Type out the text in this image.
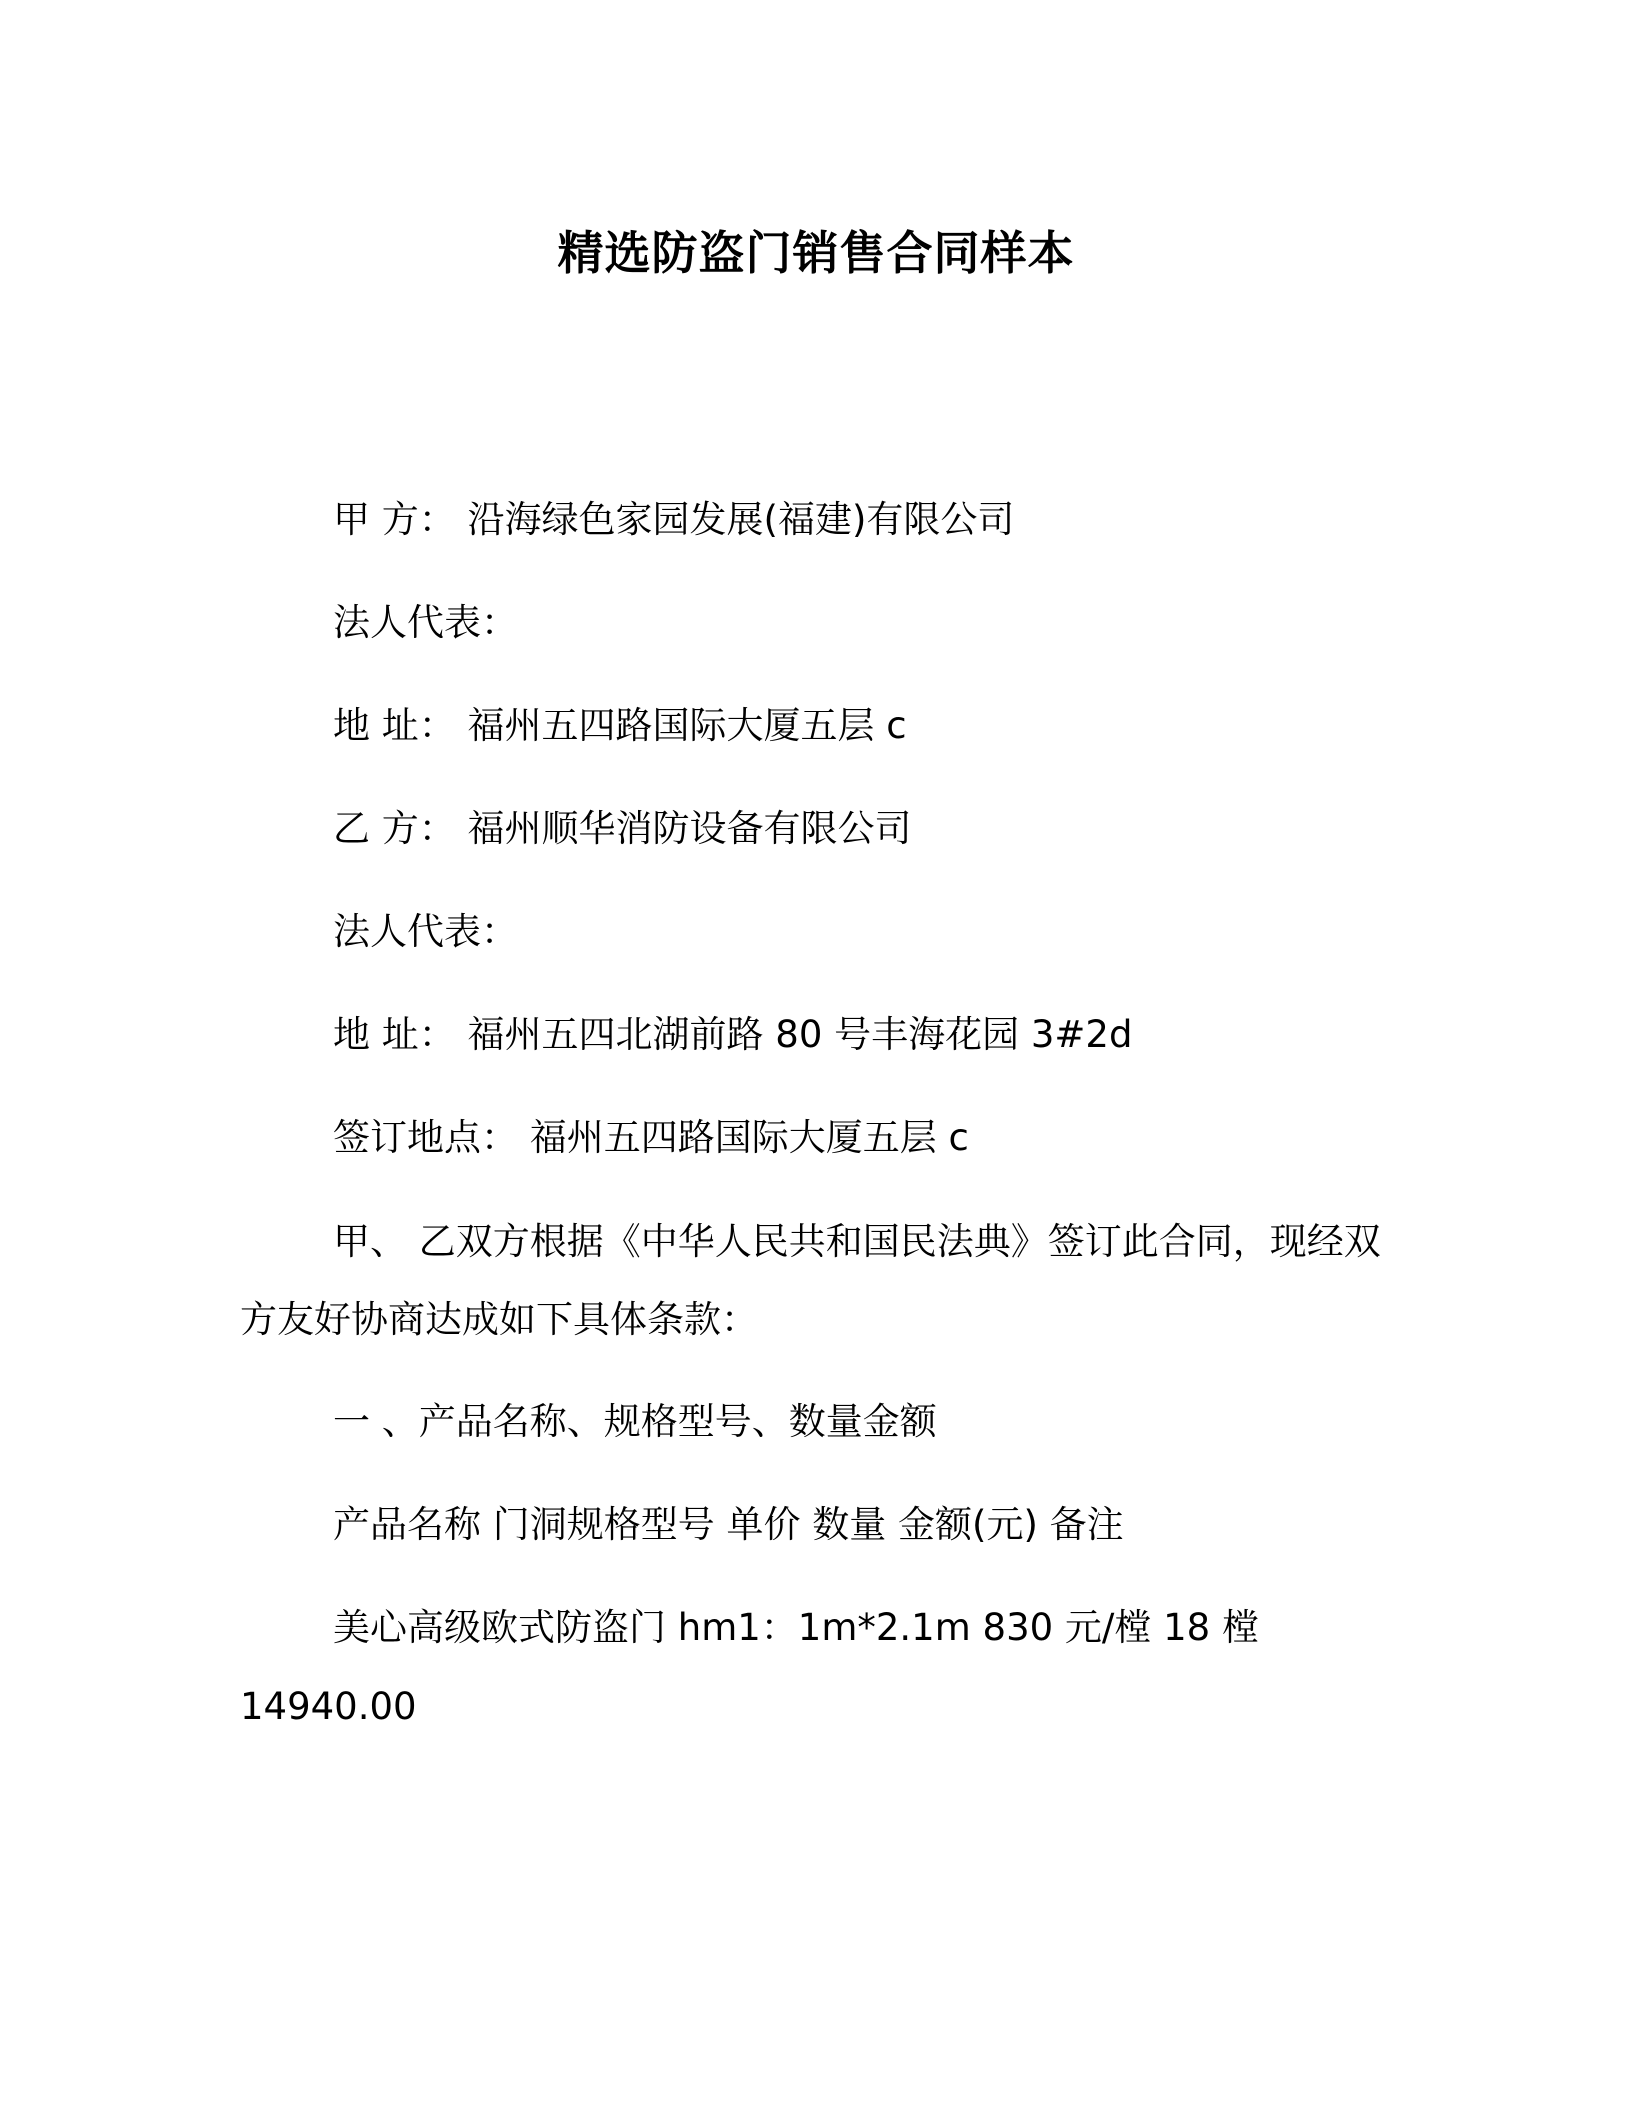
精选防盗门销售合同样本
甲 方： 沿海绿色家园发展(福建)有限公司
法人代表：
地 址： 福州五四路国际大厦五层 c
乙 方： 福州顺华消防设备有限公司
法人代表：
地 址： 福州五四北湖前路 80 号丰海花园 3#2d
签订地点： 福州五四路国际大厦五层 c
甲、 乙双方根据《中华人民共和国民法典》签订此合同，现经双
方友好协商达成如下具体条款：
一 、产品名称、规格型号、数量金额
产品名称 门洞规格型号 单价 数量 金额(元) 备注
美心高级欧式防盗门 hm1：1m*2.1m 830 元/樘 18 樘
14940.00
